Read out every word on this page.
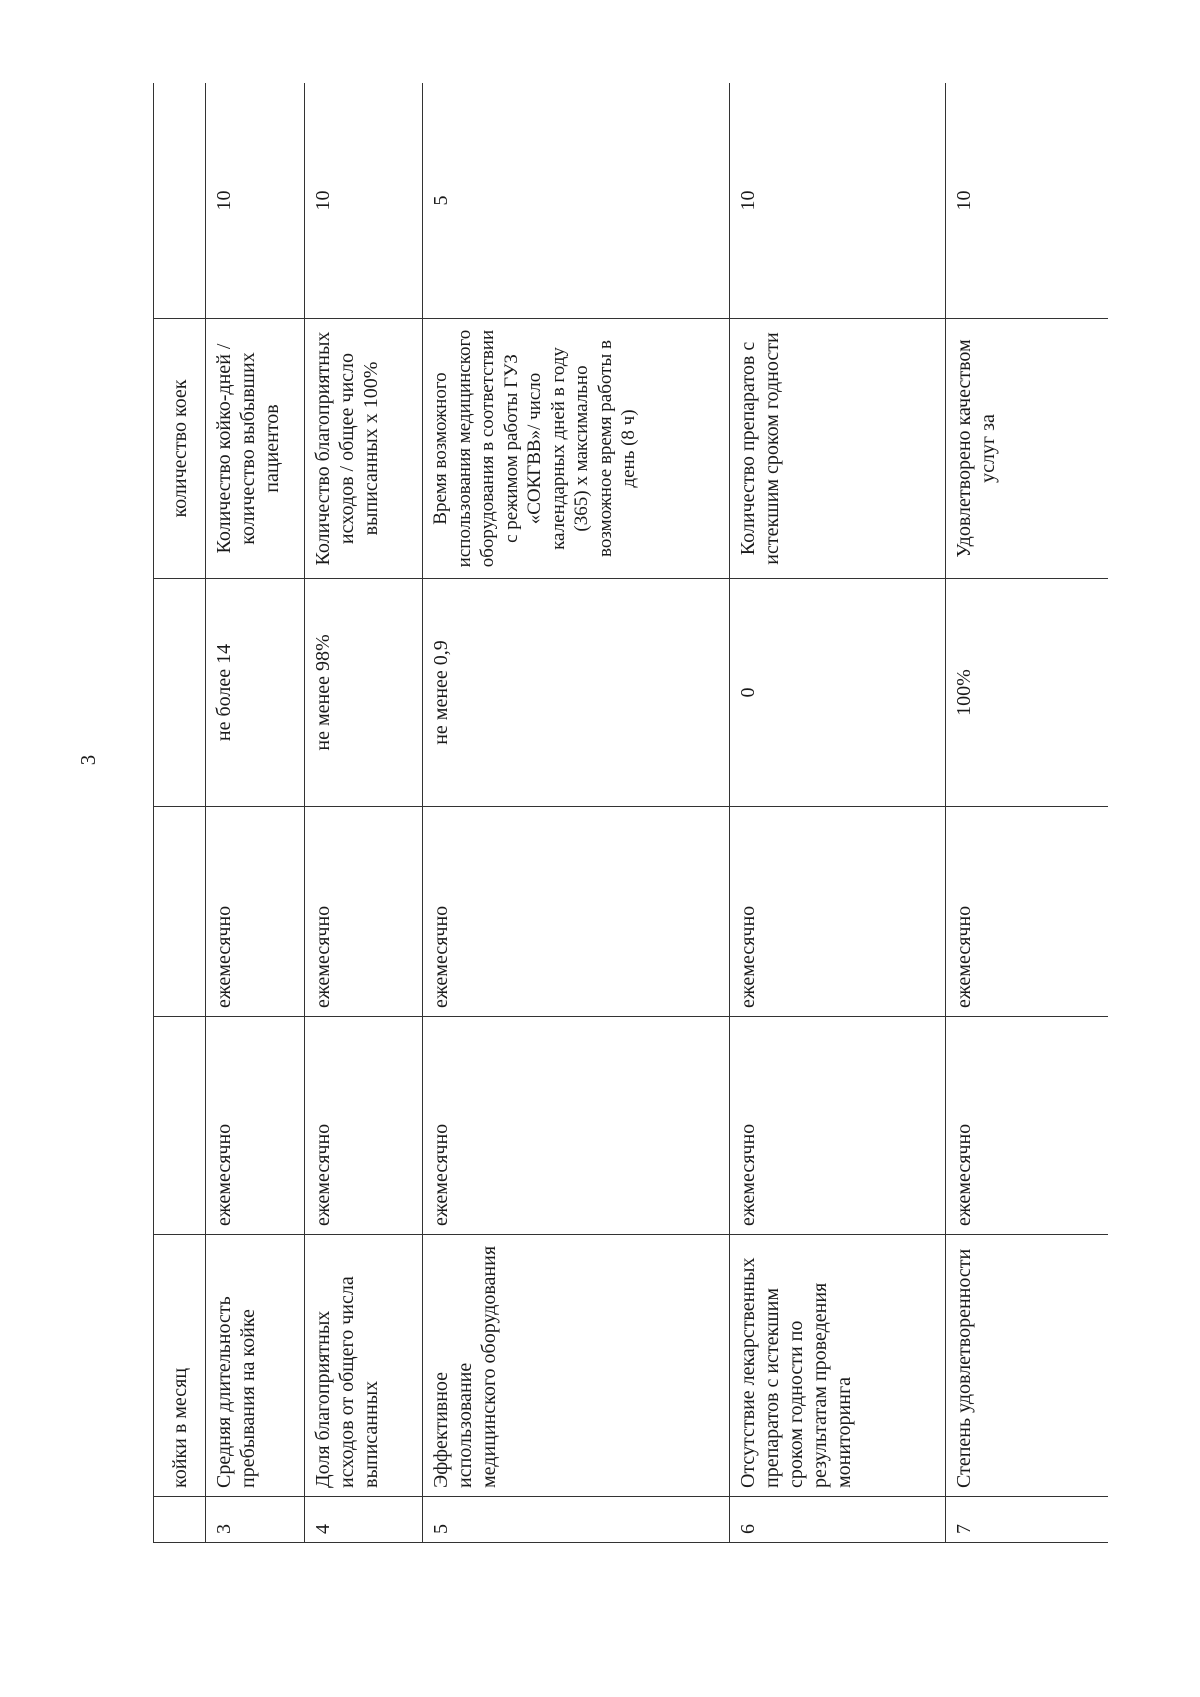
3
	койки в месяц				количество коек	
3	Средняя длительность пребывания на койке	ежемесячно	ежемесячно	не более 14	Количество койко-дней / количество выбывших пациентов	10
4	Доля благоприятных исходов от общего числа выписанных	ежемесячно	ежемесячно	не менее 98%	Количество благоприятных исходов / общее число выписанных х 100%	10
5	Эффективное использование медицинского оборудования	ежемесячно	ежемесячно	не менее 0,9	Время возможного использования медицинского оборудования в соответствии с режимом работы ГУЗ «СОКГВВ»/ число календарных дней в году (365) х максимально возможное время работы в день (8 ч)	5
6	Отсутствие лекарственных препаратов с истекшим сроком годности по результатам проведения мониторинга	ежемесячно	ежемесячно	0	Количество препаратов с истекшим сроком годности	10
7	Степень удовлетворенности	ежемесячно	ежемесячно	100%	Удовлетворено качеством услуг за	10
